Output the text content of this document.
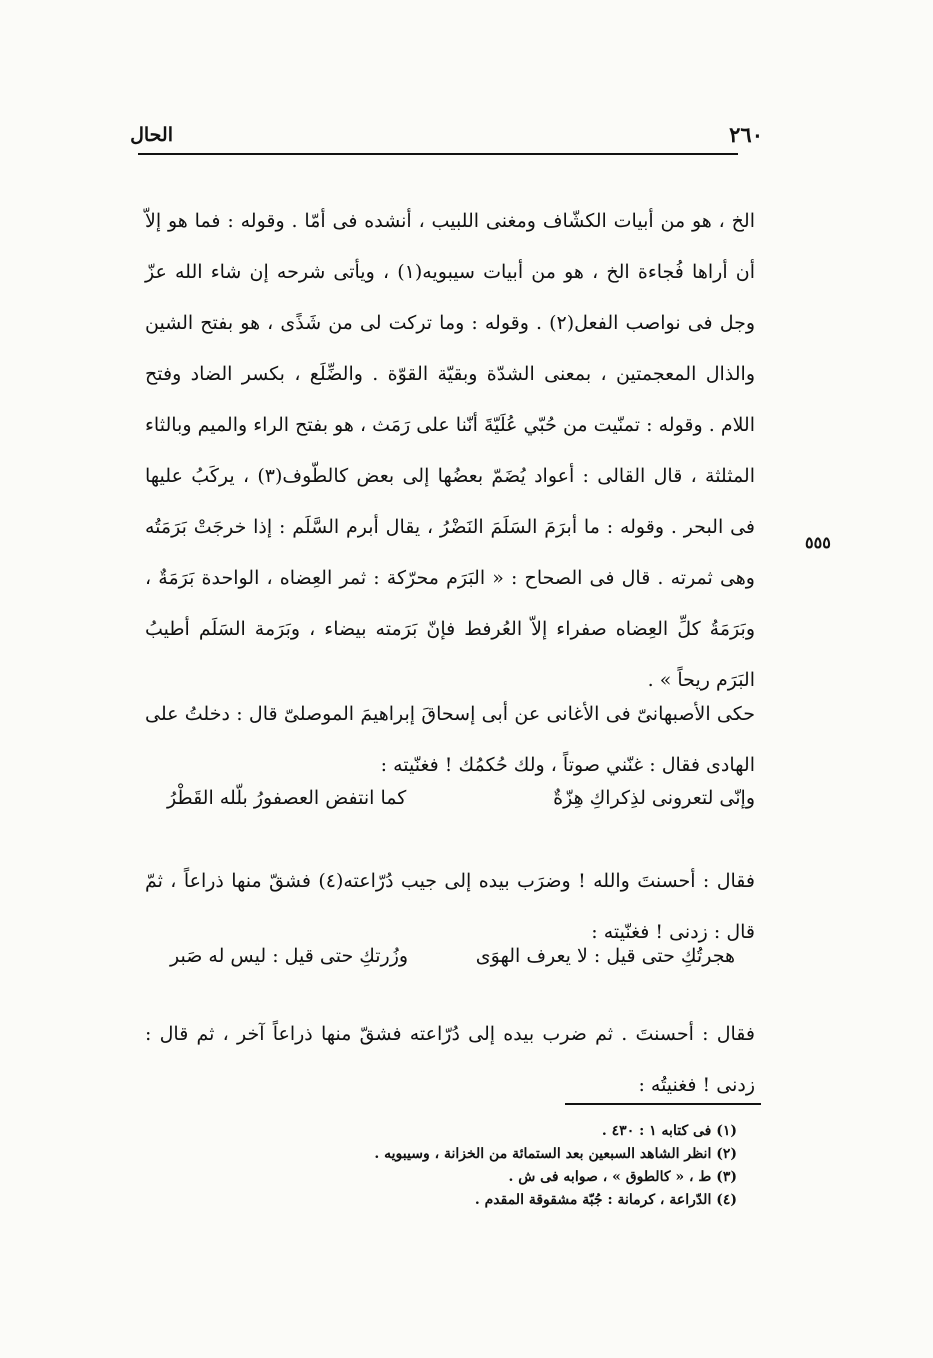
الحال	٢٦٠
٥٥٥

الخ ، هو من أبيات الكشّاف ومغنى اللبيب ، أنشده فى أمّا . وقوله : فما هو إلاّ أن أراها فُجاءة الخ ، هو من أبيات سيبويه(١) ، ويأتى شرحه إن شاء الله عزّ وجل فى نواصب الفعل(٢) . وقوله : وما تركت لى من شَذًى ، هو بفتح الشين والذال المعجمتين ، بمعنى الشدّة وبقيّة القوّة . والضِّلَع ، بكسر الضاد وفتح اللام . وقوله : تمنّيت من حُبّي عُلَيّةَ أنّنا على رَمَث ، هو بفتح الراء والميم وبالثاء المثلثة ، قال القالى : أعواد يُضَمّ بعضُها إلى بعض كالطّوف(٣) ، يركَبُ عليها فى البحر . وقوله : ما أبرَمَ السَلَمَ النَضْرُ ، يقال أبرم السَّلَم : إذا خرجَتْ بَرَمَتُه وهى ثمرته . قال فى الصحاح : « البَرَم محرّكة : ثمر العِضاه ، الواحدة بَرَمَةٌ ، وبَرَمَةُ كلِّ العِضاه صفراء إلاّ العُرفط فإنّ بَرَمته بيضاء ، وبَرَمة السَلَم أطيبُ البَرَم ريحاً » .

حكى الأصبهانىّ فى الأغانى عن أبى إسحاقَ إبراهيمَ الموصلىّ قال : دخلتُ على الهادى فقال : غنّني صوتاً ، ولك حُكمُك ! فغنّيته :

وإنّى لتعرونى لذِكراكِ هِزّةٌ
كما انتفض العصفورُ بلّله القَطْرُ

فقال : أحسنتَ والله ! وضرَب بيده إلى جيب دُرّاعته(٤) فشقّ منها ذراعاً ، ثمّ قال : زدنى ! فغنّيته :

هجرتُكِ حتى قيل : لا يعرف الهوَى
وزُرتكِ حتى قيل : ليس له صَبر

فقال : أحسنتَ . ثم ضرب بيده إلى دُرّاعته فشقّ منها ذراعاً آخر ، ثم قال : زدنى ! فغنيتُه :

(١) فى كتابه ١ : ٤٣٠ .
(٢) انظر الشاهد السبعين بعد الستمائة من الخزانة ، وسيبويه .
(٣) ط ، « كالطوق » ، صوابه فى ش .
(٤) الدّراعة ، كرمانة : جُبّة مشقوقة المقدم .
